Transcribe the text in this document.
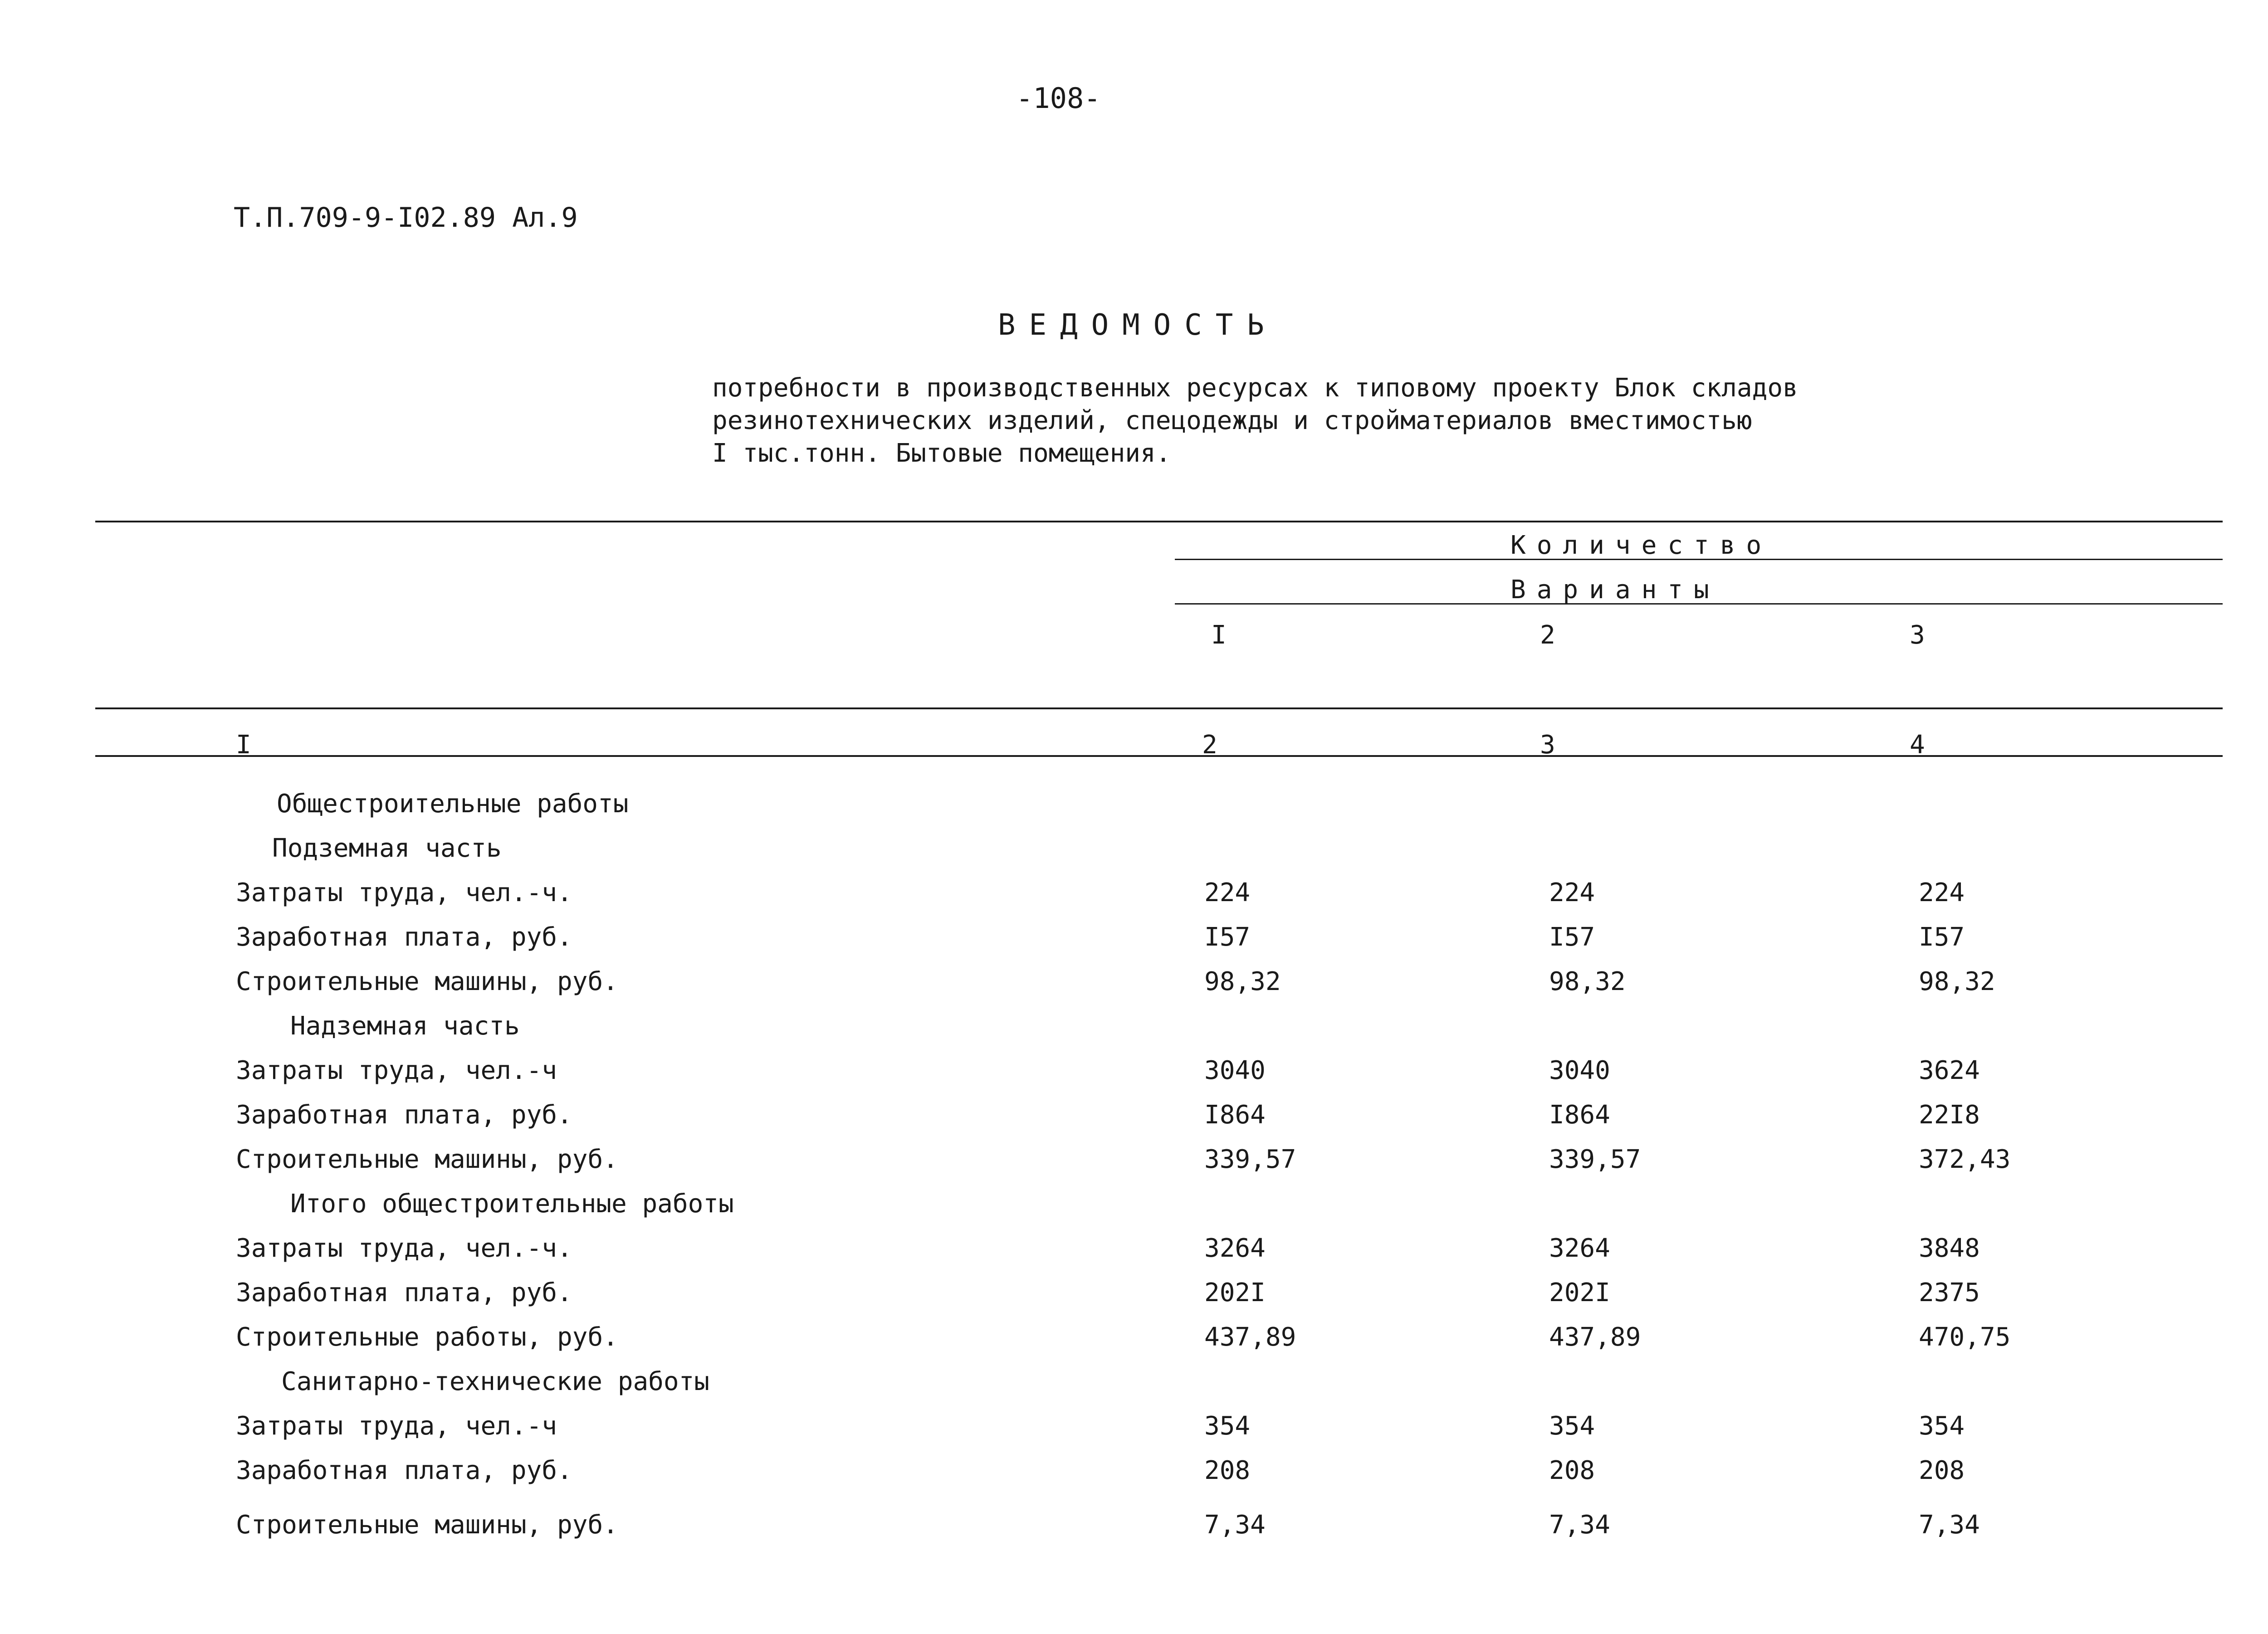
-108-
Т.П.709-9-I02.89 Ал.9
ВЕДОМОСТЬ
потребности в производственных ресурсах к типовому проекту Блок складов
резинотехнических изделий, спецодежды и стройматериалов вместимостью
I тыс.тонн. Бытовые помещения.
Количество
Варианты
I	2	3
I	2	3	4
Общестроительные работы
Подземная часть
Затраты труда, чел.-ч.	224	224	224
Заработная плата, руб.	I57	I57	I57
Строительные машины, руб.	98,32	98,32	98,32
Надземная часть
Затраты труда, чел.-ч	3040	3040	3624
Заработная плата, руб.	I864	I864	22I8
Строительные машины, руб.	339,57	339,57	372,43
Итого общестроительные работы
Затраты труда, чел.-ч.	3264	3264	3848
Заработная плата, руб.	202I	202I	2375
Строительные работы, руб.	437,89	437,89	470,75
Санитарно-технические работы
Затраты труда, чел.-ч	354	354	354
Заработная плата, руб.	208	208	208
Строительные машины, руб.	7,34	7,34	7,34
